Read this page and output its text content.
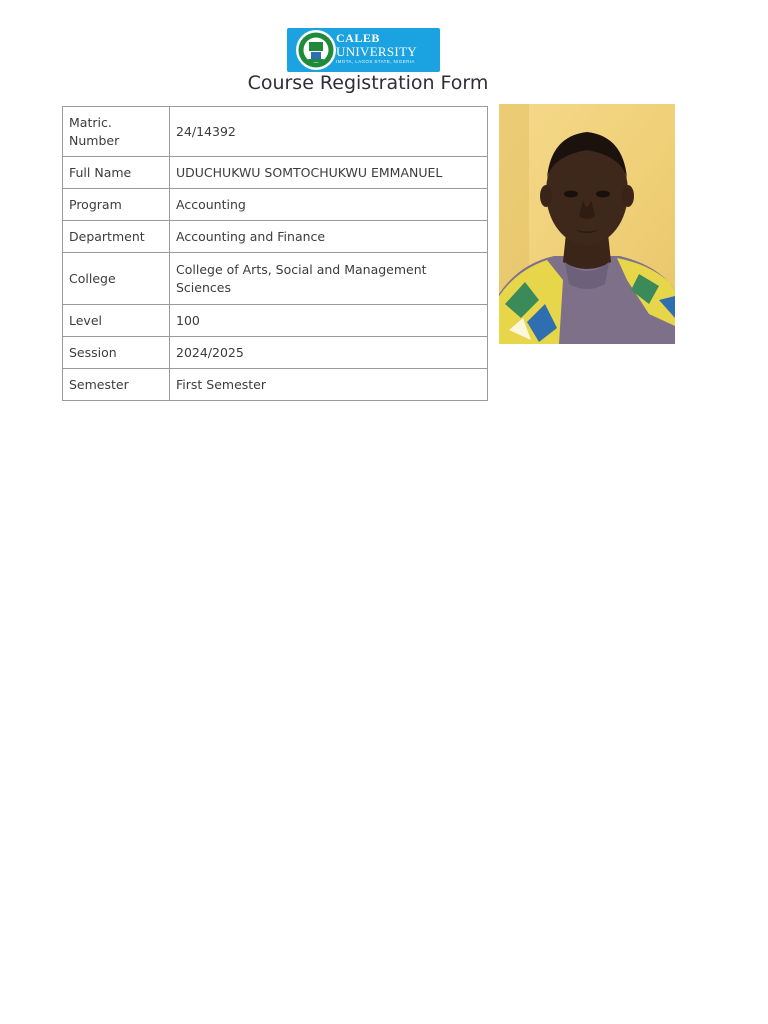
CALEB
UNIVERSITY
IMOTA, LAGOS STATE, NIGERIA
Course Registration Form
Matric.
Number	24/14392
Full Name	UDUCHUKWU SOMTOCHUKWU EMMANUEL
Program	Accounting
Department	Accounting and Finance
College	College of Arts, Social and Management Sciences
Level	100
Session	2024/2025
Semester	First Semester
